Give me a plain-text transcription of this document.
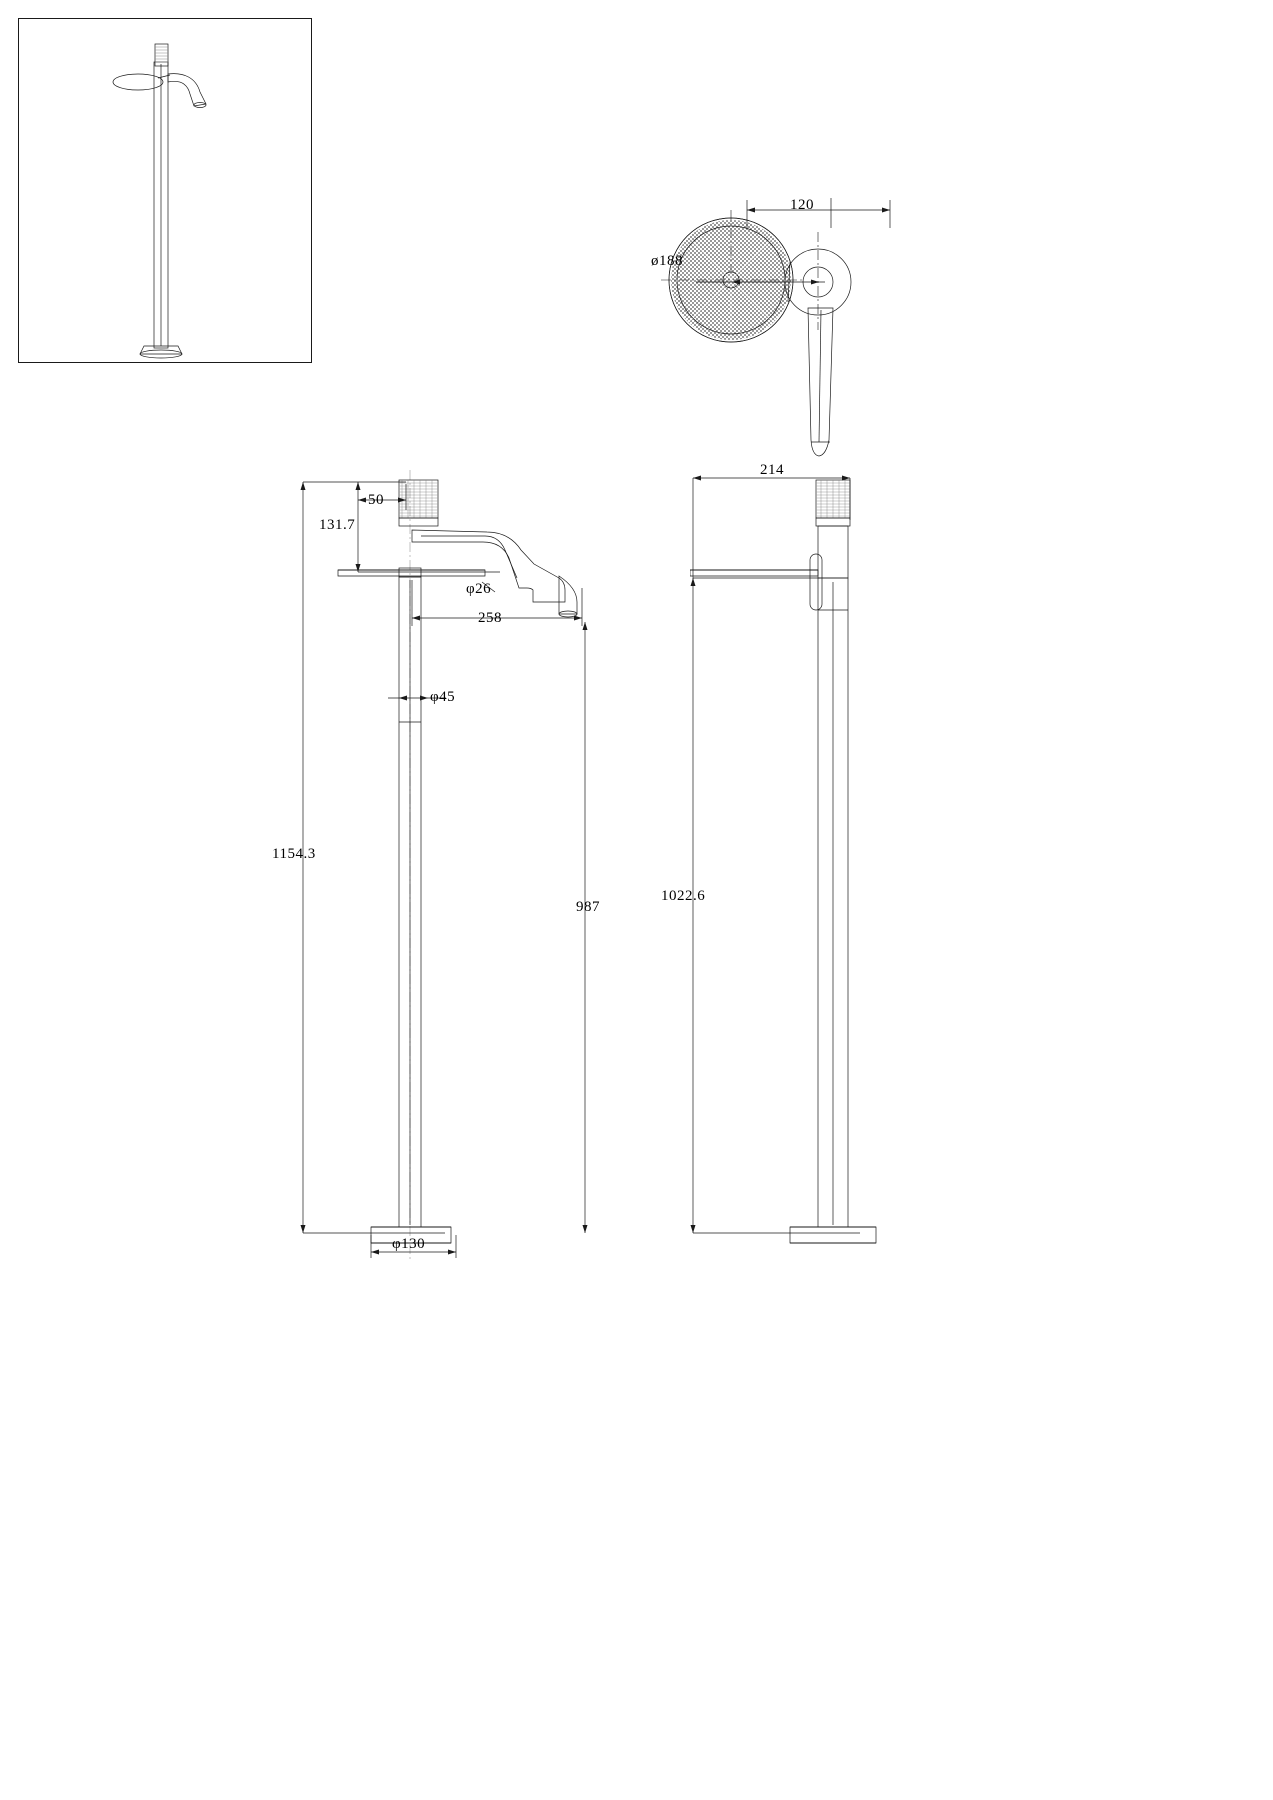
120
ø188
50
131.7
φ26
258
φ45
1154.3
987
φ130
214
1022.6
